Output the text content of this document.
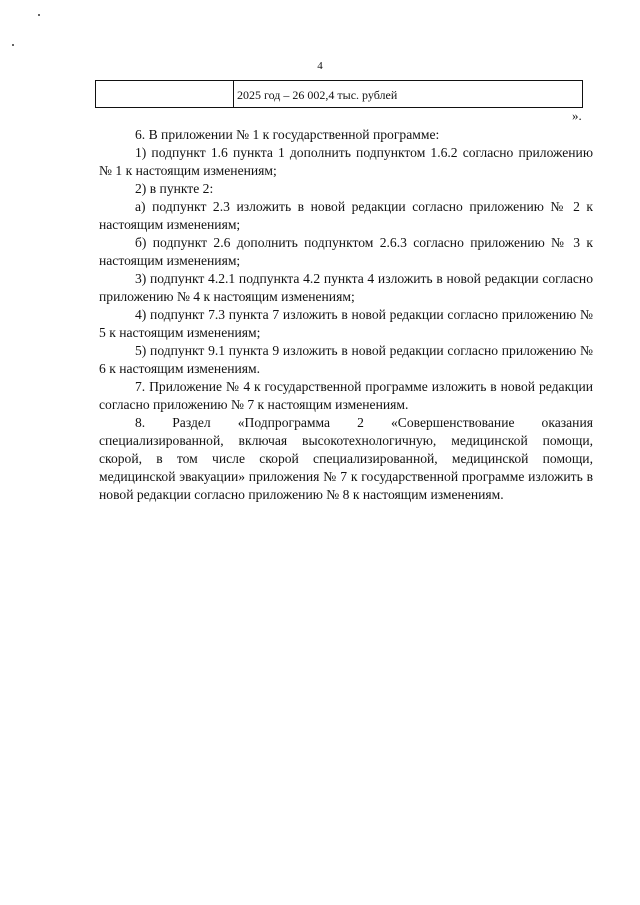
4
2025 год – 26 002,4 тыс. рублей
».

6. В приложении № 1 к государственной программе:

1) подпункт 1.6 пункта 1 дополнить подпунктом 1.6.2 согласно приложению № 1 к настоящим изменениям;

2) в пункте 2:

а) подпункт 2.3 изложить в новой редакции согласно приложению № 2 к настоящим изменениям;

б) подпункт 2.6 дополнить подпунктом 2.6.3 согласно приложению № 3 к настоящим изменениям;

3) подпункт 4.2.1 подпункта 4.2 пункта 4 изложить в новой редакции согласно приложению № 4 к настоящим изменениям;

4) подпункт 7.3 пункта 7 изложить в новой редакции согласно приложению № 5 к настоящим изменениям;

5) подпункт 9.1 пункта 9 изложить в новой редакции согласно приложению № 6 к настоящим изменениям.

7. Приложение № 4 к государственной программе изложить в новой редакции согласно приложению № 7 к настоящим изменениям.

8. Раздел «Подпрограмма 2 «Совершенствование оказания специализированной, включая высокотехнологичную, медицинской помощи, скорой, в том числе скорой специализированной, медицинской помощи, медицинской эвакуации» приложения № 7 к государственной программе изложить в новой редакции согласно приложению № 8 к настоящим изменениям.
